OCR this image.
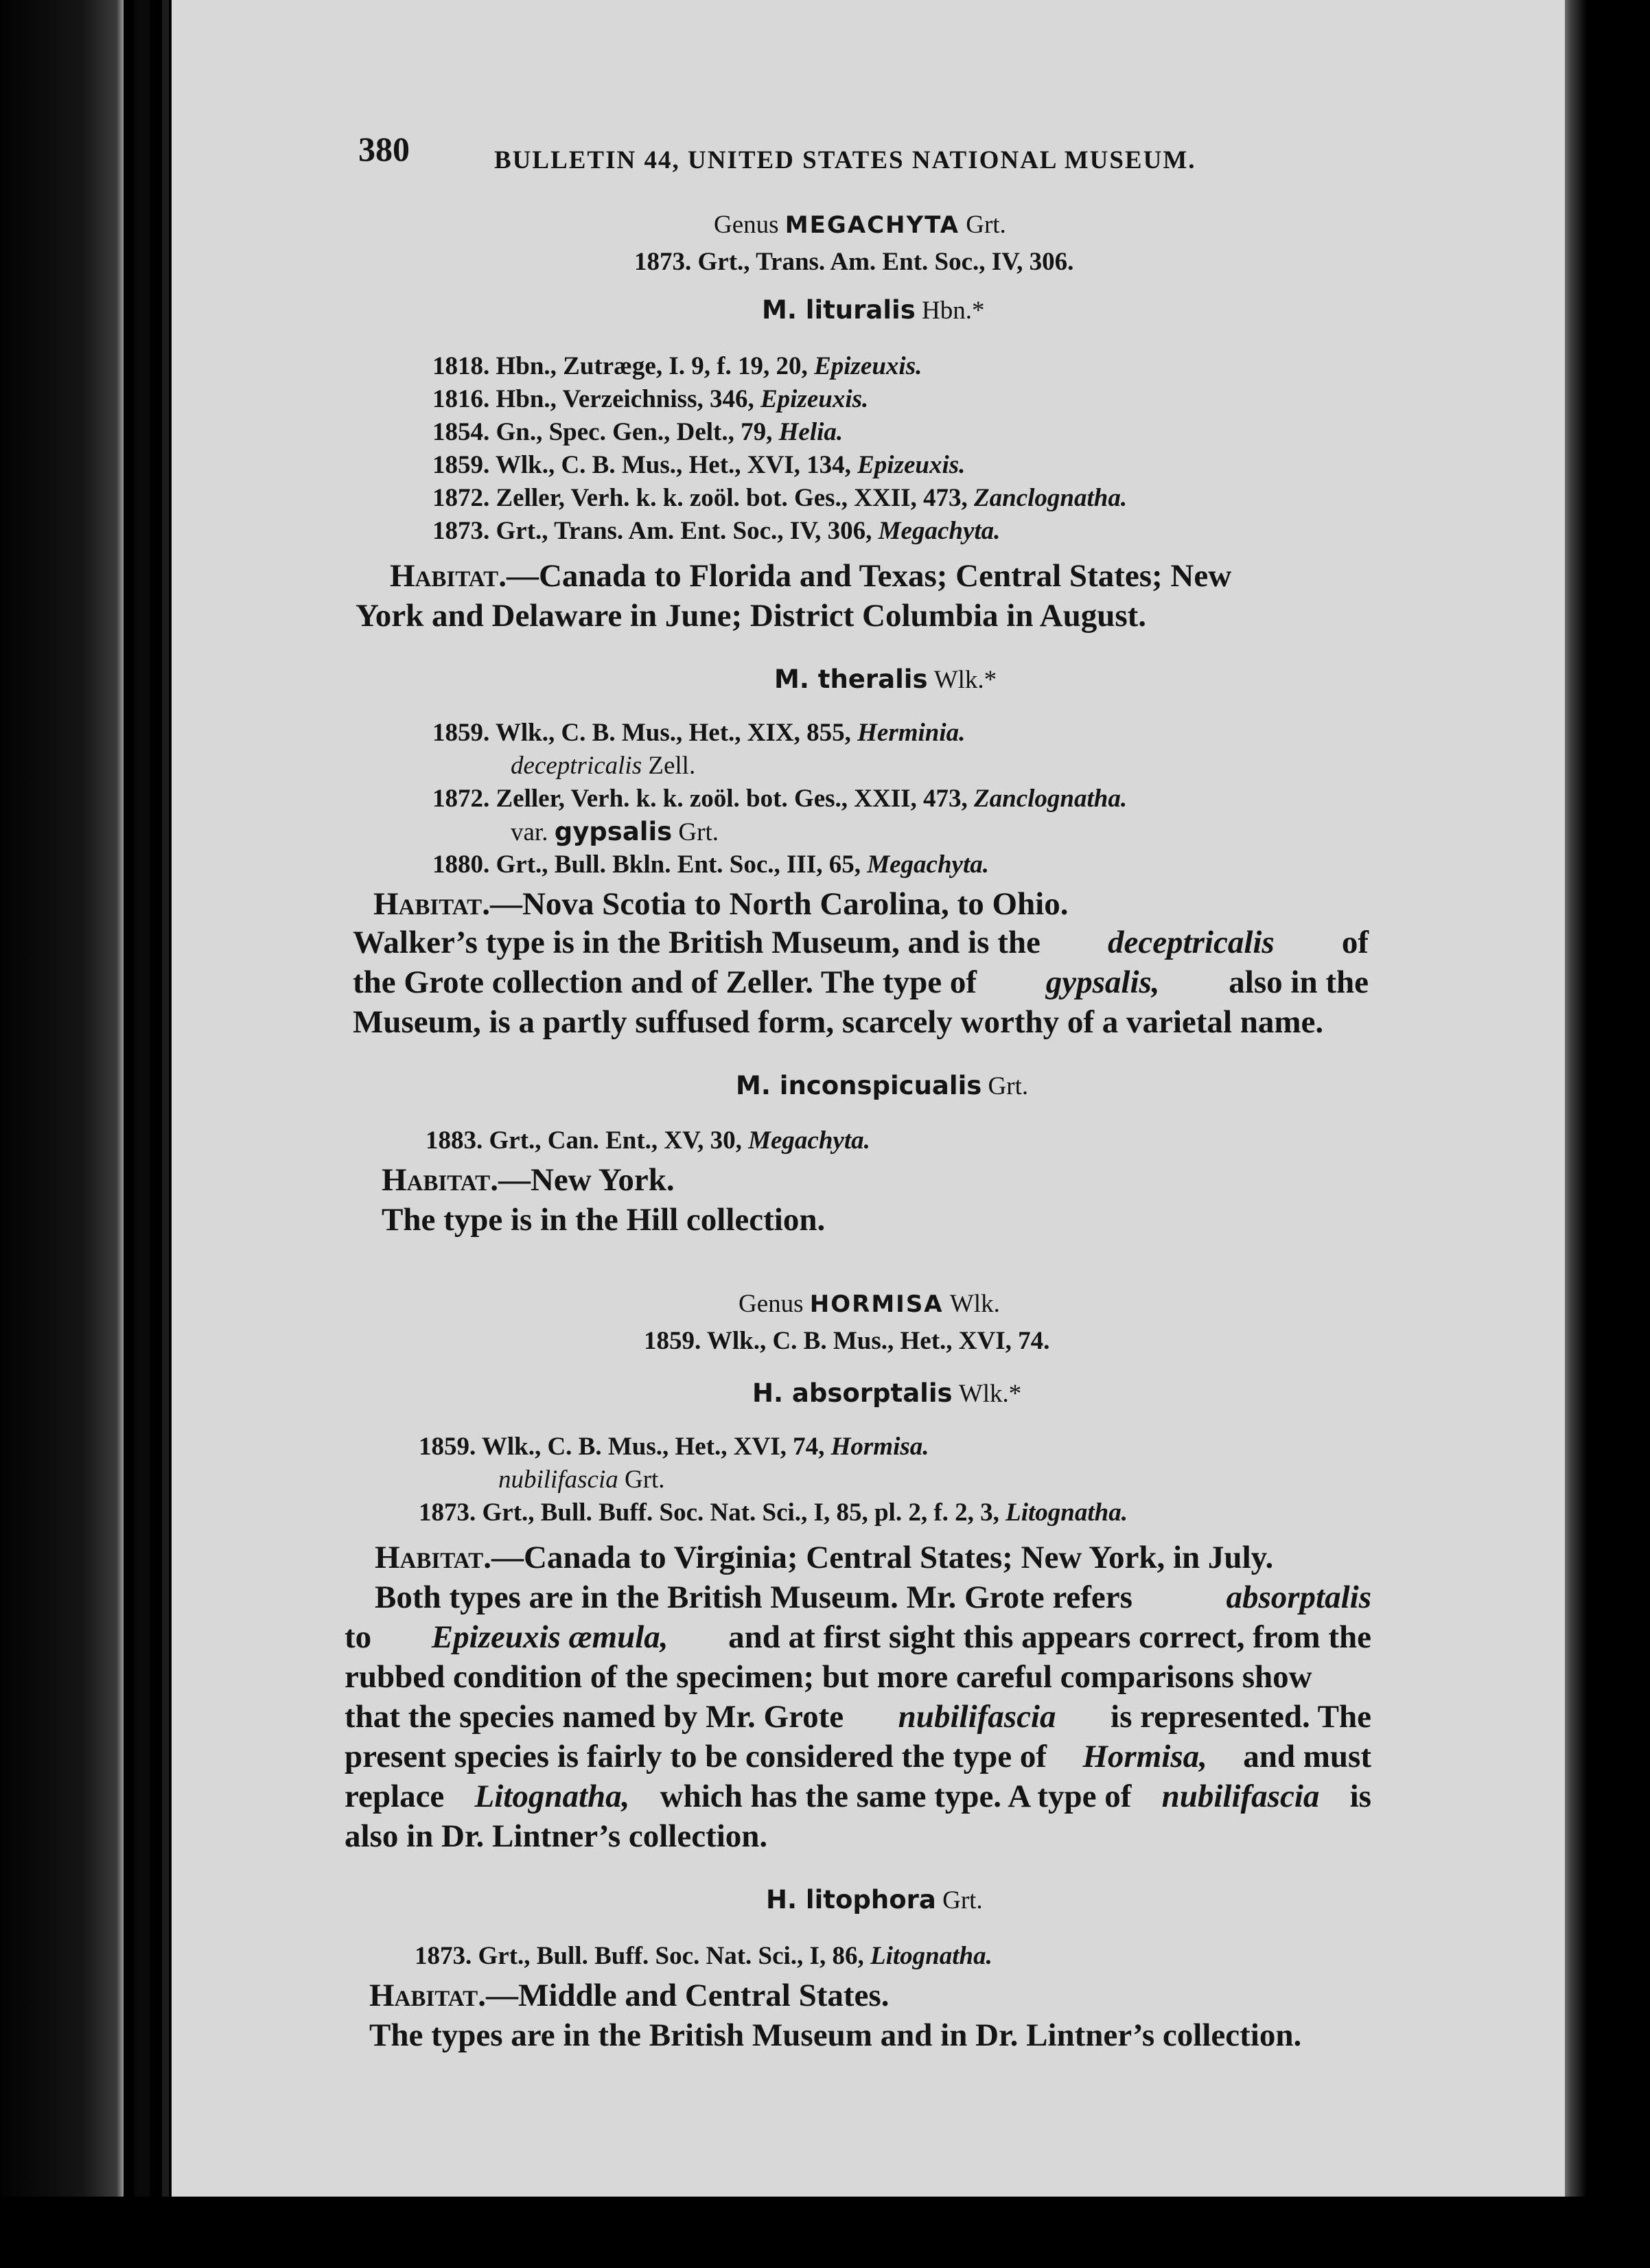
380	BULLETIN 44, UNITED STATES NATIONAL MUSEUM.
Genus MEGACHYTA Grt.
1873. Grt., Trans. Am. Ent. Soc., IV, 306.
M. lituralis Hbn.*
1818. Hbn., Zutræge, I. 9, f. 19, 20, Epizeuxis.
1816. Hbn., Verzeichniss, 346, Epizeuxis.
1854. Gn., Spec. Gen., Delt., 79, Helia.
1859. Wlk., C. B. Mus., Het., XVI, 134, Epizeuxis.
1872. Zeller, Verh. k. k. zoöl. bot. Ges., XXII, 473, Zanclognatha.
1873. Grt., Trans. Am. Ent. Soc., IV, 306, Megachyta.
Habitat.—Canada to Florida and Texas; Central States; New
York and Delaware in June; District Columbia in August.
M. theralis Wlk.*
1859. Wlk., C. B. Mus., Het., XIX, 855, Herminia.
deceptricalis Zell.
1872. Zeller, Verh. k. k. zoöl. bot. Ges., XXII, 473, Zanclognatha.
var. gypsalis Grt.
1880. Grt., Bull. Bkln. Ent. Soc., III, 65, Megachyta.
Habitat.—Nova Scotia to North Carolina, to Ohio.
Walker’s type is in the British Museum, and is the deceptricalis of
the Grote collection and of Zeller. The type of gypsalis, also in the
Museum, is a partly suffused form, scarcely worthy of a varietal name.
M. inconspicualis Grt.
1883. Grt., Can. Ent., XV, 30, Megachyta.
Habitat.—New York.
The type is in the Hill collection.
Genus HORMISA Wlk.
1859. Wlk., C. B. Mus., Het., XVI, 74.
H. absorptalis Wlk.*
1859. Wlk., C. B. Mus., Het., XVI, 74, Hormisa.
nubilifascia Grt.
1873. Grt., Bull. Buff. Soc. Nat. Sci., I, 85, pl. 2, f. 2, 3, Litognatha.
Habitat.—Canada to Virginia; Central States; New York, in July.
Both types are in the British Museum. Mr. Grote refers	absorptalis
to Epizeuxis æmula, and at first sight this appears correct, from the
rubbed condition of the specimen; but more careful comparisons show
that the species named by Mr. Grote nubilifascia is represented. The
present species is fairly to be considered the type of Hormisa, and must
replace Litognatha, which has the same type. A type of nubilifascia is
also in Dr. Lintner’s collection.
H. litophora Grt.
1873. Grt., Bull. Buff. Soc. Nat. Sci., I, 86, Litognatha.
Habitat.—Middle and Central States.
The types are in the British Museum and in Dr. Lintner’s collection.
